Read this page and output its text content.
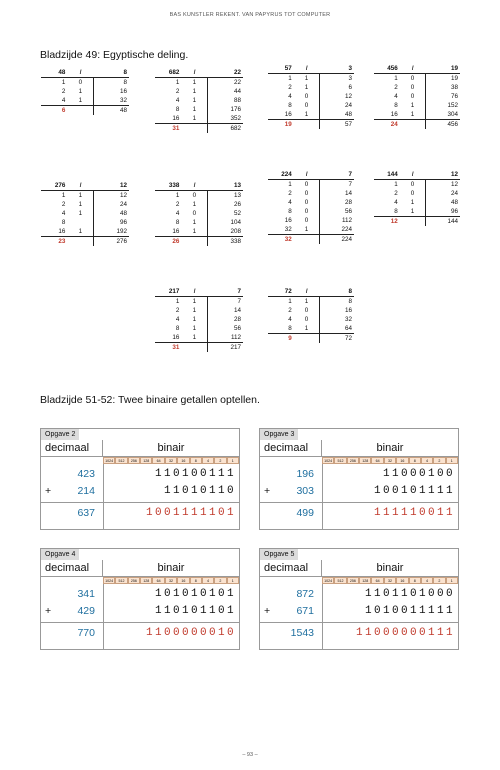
BAS KUNSTLER REKENT. VAN PAPYRUS TOT COMPUTER
Bladzijde 49: Egyptische deling.
Bladzijde 51-52: Twee binaire getallen optellen.
48	/	8
1	0	8
2	1	16
4	1	32
6		48
682	/	22
1	1	22
2	1	44
4	1	88
8	1	176
16	1	352
31		682
57	/	3
1	1	3
2	1	6
4	0	12
8	0	24
16	1	48
19		57
456	/	19
1	0	19
2	0	38
4	0	76
8	1	152
16	1	304
24		456
276	/	12
1	1	12
2	1	24
4	1	48
8		96
16	1	192
23		276
338	/	13
1	0	13
2	1	26
4	0	52
8	1	104
16	1	208
26		338
224	/	7
1	0	7
2	0	14
4	0	28
8	0	56
16	0	112
32	1	224
32		224
144	/	12
1	0	12
2	0	24
4	1	48
8	1	96
12		144
217	/	7
1	1	7
2	1	14
4	1	28
8	1	56
16	1	112
31		217
72	/	8
1	1	8
2	0	16
4	0	32
8	1	64
9		72
Opgave 2
decimaal	binair
1024	512	256	128	64	32	16	8	4	2	1
423	110100111
+	214	11010110
637	1001111101
Opgave 3
decimaal	binair
1024	512	256	128	64	32	16	8	4	2	1
196	11000100
+	303	100101111
499	111110011
Opgave 4
decimaal	binair
1024	512	256	128	64	32	16	8	4	2	1
341	101010101
+	429	110101101
770	1100000010
Opgave 5
decimaal	binair
1024	512	256	128	64	32	16	8	4	2	1
872	1101101000
+	671	1010011111
1543	11000000111
– 93 –
